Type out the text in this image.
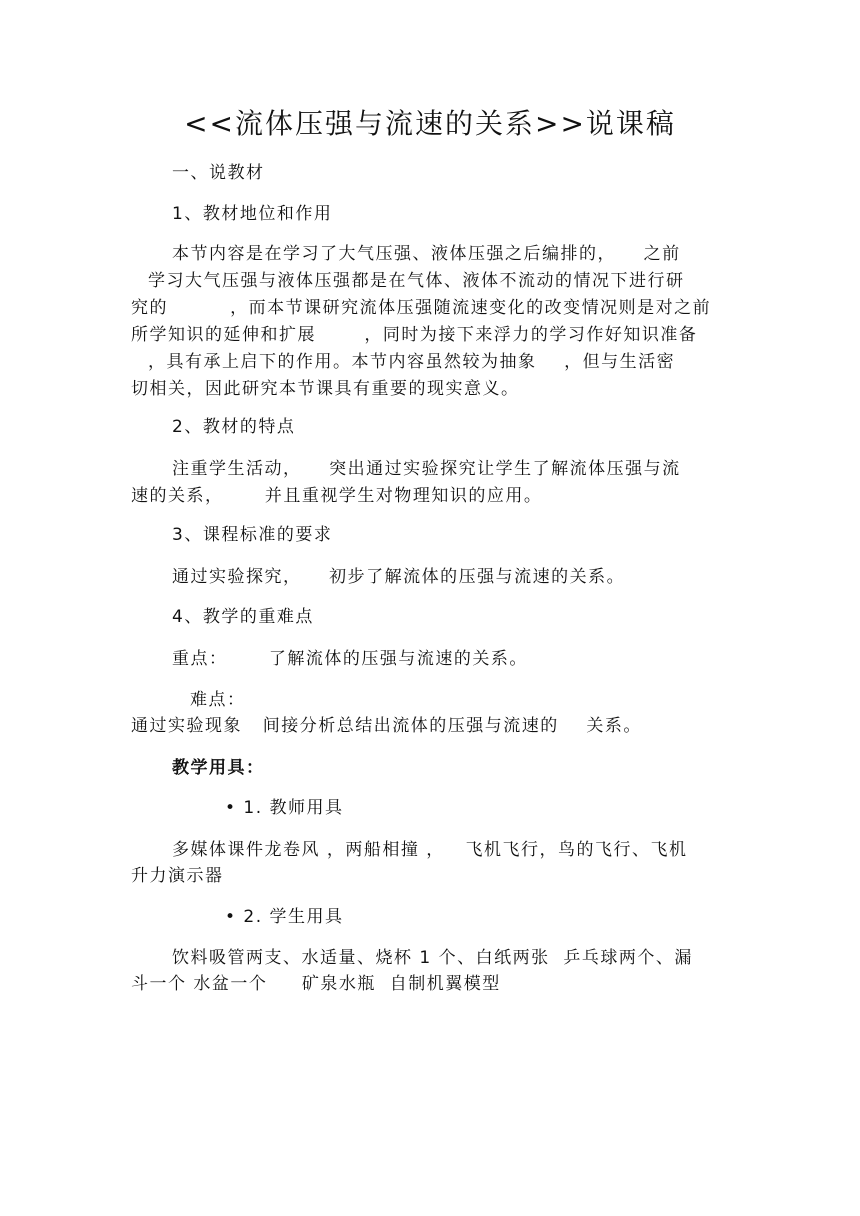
<<流体压强与流速的关系>>说课稿
一、说教材
1、教材地位和作用
本节内容是在学习了大气压强、液体压强之后编排的，    之前
学习大气压强与液体压强都是在气体、液体不流动的情况下进行研
究的         ，而本节课研究流体压强随流速变化的改变情况则是对之前
所学知识的延伸和扩展       ，同时为接下来浮力的学习作好知识准备
，具有承上启下的作用。本节内容虽然较为抽象    ，但与生活密
切相关，因此研究本节课具有重要的现实意义。
2、教材的特点
注重学生活动，    突出通过实验探究让学生了解流体压强与流
速的关系，      并且重视学生对物理知识的应用。
3、课程标准的要求
通过实验探究，    初步了解流体的压强与流速的关系。
4、教学的重难点
重点：      了解流体的压强与流速的关系。
难点：
通过实验现象   间接分析总结出流体的压强与流速的    关系。
教学用具：
• 1. 教师用具
多媒体课件龙卷风 ，两船相撞 ，   飞机飞行，鸟的飞行、飞机
升力演示器
• 2. 学生用具
饮料吸管两支、水适量、烧杯 1 个、白纸两张  乒乓球两个、漏
斗一个 水盆一个     矿泉水瓶  自制机翼模型
